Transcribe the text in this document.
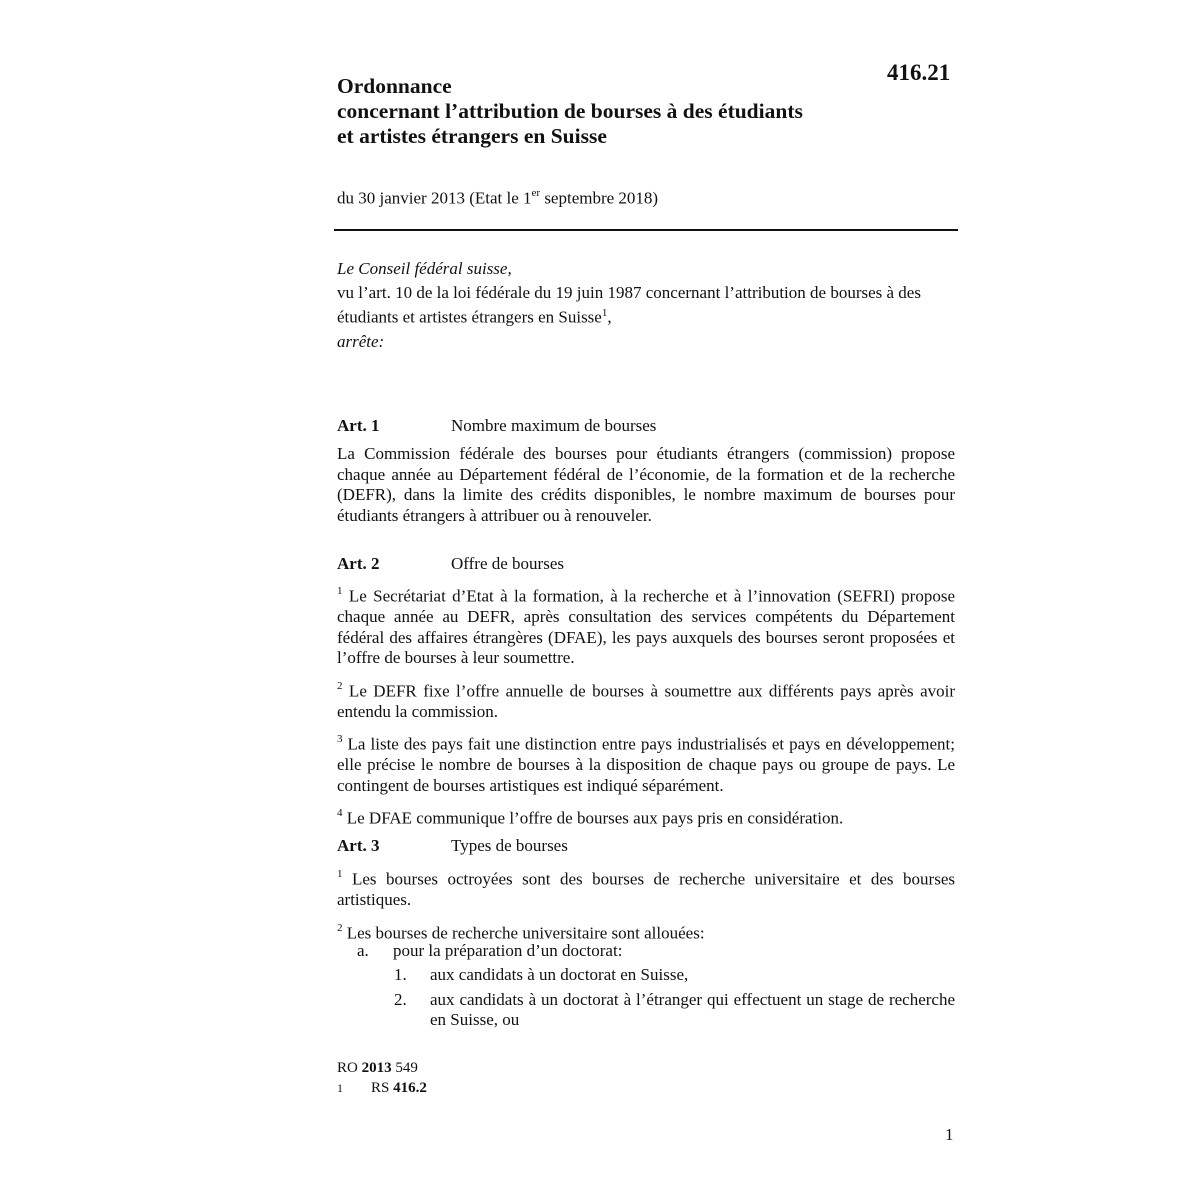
416.21
Ordonnance
concernant l’attribution de bourses à des étudiants
et artistes étrangers en Suisse
du 30 janvier 2013 (Etat le 1er septembre 2018)

Le Conseil fédéral suisse,

vu l’art. 10 de la loi fédérale du 19 juin 1987 concernant l’attribution de bourses à des étudiants et artistes étrangers en Suisse$^1$,

arrête:

Art. 1	Nombre maximum de bourses

La Commission fédérale des bourses pour étudiants étrangers (commission) propose chaque année au Département fédéral de l’économie, de la formation et de la recherche (DEFR), dans la limite des crédits disponibles, le nombre maximum de bourses pour étudiants étrangers à attribuer ou à renouveler.

Art. 2	Offre de bourses

$^1$ Le Secrétariat d’Etat à la formation, à la recherche et à l’innovation (SEFRI) propose chaque année au DEFR, après consultation des services compétents du Département fédéral des affaires étrangères (DFAE), les pays auxquels des bourses seront proposées et l’offre de bourses à leur soumettre.

$^2$ Le DEFR fixe l’offre annuelle de bourses à soumettre aux différents pays après avoir entendu la commission.

$^3$ La liste des pays fait une distinction entre pays industrialisés et pays en développement; elle précise le nombre de bourses à la disposition de chaque pays ou groupe de pays. Le contingent de bourses artistiques est indiqué séparément.

$^4$ Le DFAE communique l’offre de bourses aux pays pris en considération.

Art. 3	Types de bourses

$^1$ Les bourses octroyées sont des bourses de recherche universitaire et des bourses artistiques.

$^2$ Les bourses de recherche universitaire sont allouées:

a. pour la préparation d’un doctorat:
1.	aux candidats à un doctorat en Suisse,
2.	aux candidats à un doctorat à l’étranger qui effectuent un stage de recherche en Suisse, ou
RO 2013 549
1 RS 416.2
1
